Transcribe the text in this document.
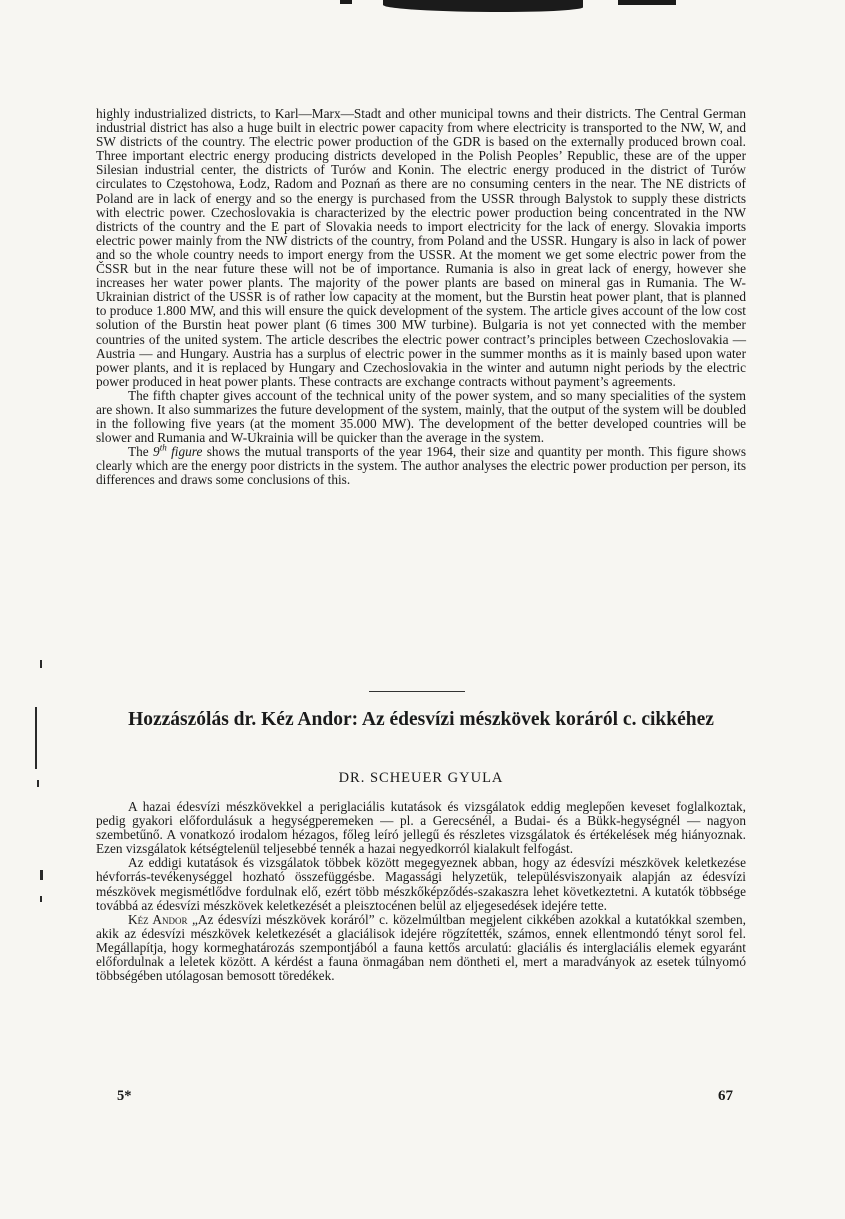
highly industrialized districts, to Karl—Marx—Stadt and other municipal towns and their districts. The Central German industrial district has also a huge built in electric power capacity from where electricity is transported to the NW, W, and SW districts of the country. The electric power production of the GDR is based on the externally produced brown coal. Three important electric energy producing districts developed in the Polish Peoples’ Republic, these are of the upper Silesian industrial center, the districts of Turów and Konin. The electric energy produced in the district of Turów circulates to Częstohowa, Łodz, Radom and Poznań as there are no consuming centers in the near. The NE districts of Poland are in lack of energy and so the energy is purchased from the USSR through Balystok to supply these districts with electric power. Czechoslovakia is characterized by the electric power production being concentrated in the NW districts of the country and the E part of Slovakia needs to import electricity for the lack of energy. Slovakia imports electric power mainly from the NW districts of the country, from Poland and the USSR. Hungary is also in lack of power and so the whole country needs to import energy from the USSR. At the moment we get some electric power from the ČSSR but in the near future these will not be of importance. Rumania is also in great lack of energy, however she increases her water power plants. The majority of the power plants are based on mineral gas in Rumania. The W-Ukrainian district of the USSR is of rather low capacity at the moment, but the Burstin heat power plant, that is planned to produce 1.800 MW, and this will ensure the quick development of the system. The article gives account of the low cost solution of the Burstin heat power plant (6 times 300 MW turbine). Bulgaria is not yet connected with the member countries of the united system. The article describes the electric power contract’s principles between Czechoslovakia — Austria — and Hungary. Austria has a surplus of electric power in the summer months as it is mainly based upon water power plants, and it is replaced by Hungary and Czechoslovakia in the winter and autumn night periods by the electric power produced in heat power plants. These contracts are exchange contracts without payment’s agreements.

The fifth chapter gives account of the technical unity of the power system, and so many specialities of the system are shown. It also summarizes the future development of the system, mainly, that the output of the system will be doubled in the following five years (at the moment 35.000 MW). The development of the better developed countries will be slower and Rumania and W-Ukrainia will be quicker than the average in the system.

The 9th figure shows the mutual transports of the year 1964, their size and quantity per month. This figure shows clearly which are the energy poor districts in the system. The author analyses the electric power production per person, its differences and draws some conclusions of this.

Hozzászólás dr. Kéz Andor: Az édesvízi mészkövek koráról c. cikkéhez
DR. SCHEUER GYULA

A hazai édesvízi mészkövekkel a periglaciális kutatások és vizsgálatok eddig meglepően keveset foglalkoztak, pedig gyakori előfordulásuk a hegységperemeken — pl. a Gerecsénél, a Budai- és a Bükk-hegységnél — nagyon szembetűnő. A vonatkozó irodalom hézagos, főleg leíró jellegű és részletes vizsgálatok és értékelések még hiányoznak. Ezen vizsgálatok kétségtelenül teljesebbé tennék a hazai negyedkorról kialakult felfogást.

Az eddigi kutatások és vizsgálatok többek között megegyeznek abban, hogy az édesvízi mészkövek keletkezése hévforrás-tevékenységgel hozható összefüggésbe. Magassági helyzetük, településviszonyaik alapján az édesvízi mészkövek megismétlődve fordulnak elő, ezért több mészkőképződés-szakaszra lehet következtetni. A kutatók többsége továbbá az édesvízi mészkövek keletkezését a pleisztocénen belül az eljegesedések idejére tette.

Kéz Andor „Az édesvízi mészkövek koráról” c. közelmúltban megjelent cikkében azokkal a kutatókkal szemben, akik az édesvízi mészkövek keletkezését a glaciálisok idejére rögzítették, számos, ennek ellentmondó tényt sorol fel. Megállapítja, hogy kormeghatározás szempontjából a fauna kettős arculatú: glaciális és interglaciális elemek egyaránt előfordulnak a leletek között. A kérdést a fauna önmagában nem döntheti el, mert a maradványok az esetek túlnyomó többségében utólagosan bemosott töredékek.

5*	67
